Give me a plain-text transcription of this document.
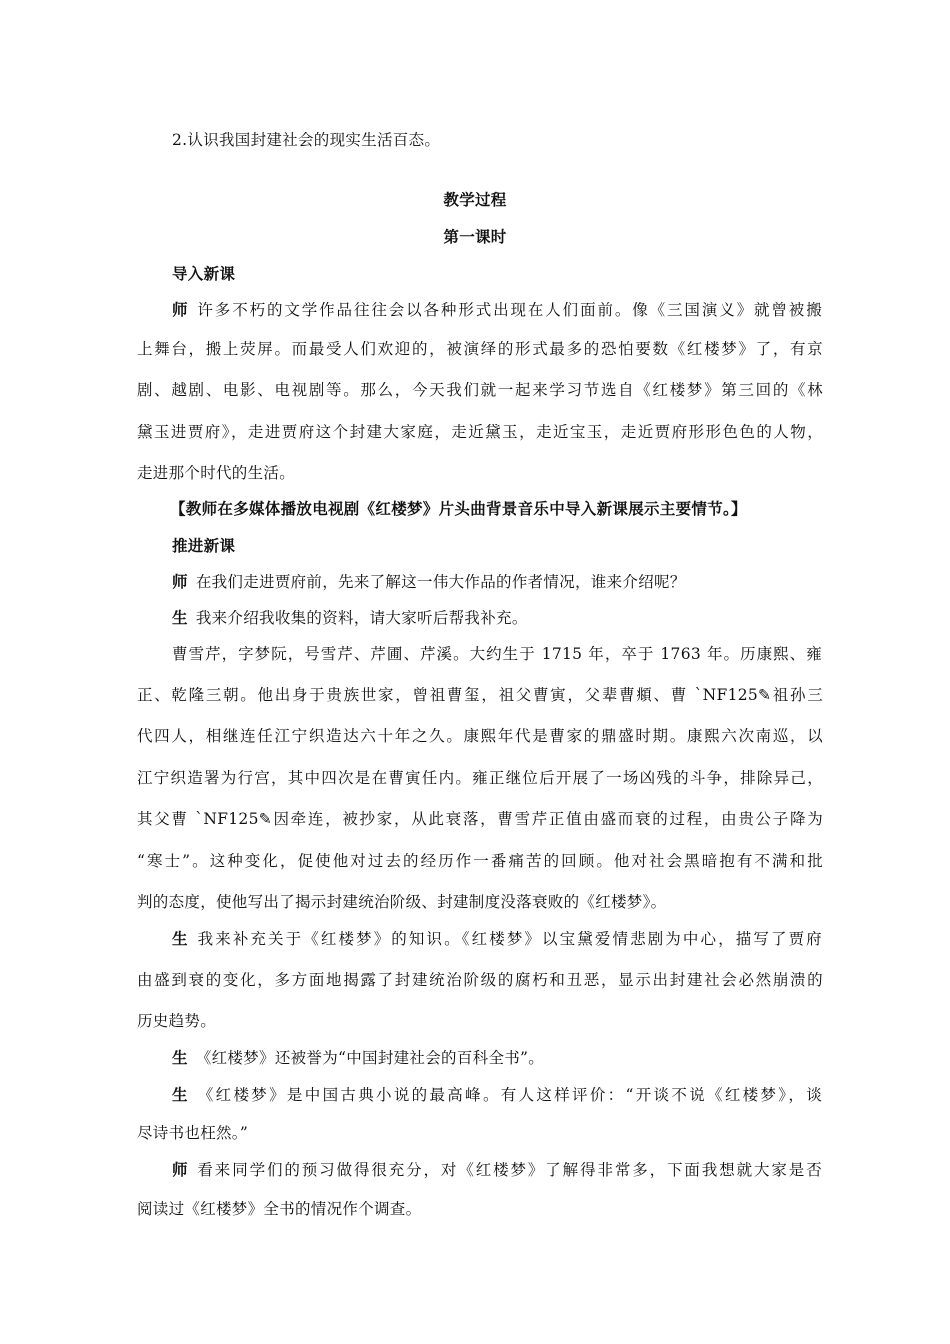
2.认识我国封建社会的现实生活百态。
教学过程
第一课时
导入新课
师 许多不朽的文学作品往往会以各种形式出现在人们面前。像《三国演义》就曾被搬
上舞台，搬上荧屏。而最受人们欢迎的，被演绎的形式最多的恐怕要数《红楼梦》了，有京
剧、越剧、电影、电视剧等。那么，今天我们就一起来学习节选自《红楼梦》第三回的《林
黛玉进贾府》，走进贾府这个封建大家庭，走近黛玉，走近宝玉，走近贾府形形色色的人物，
走进那个时代的生活。
【教师在多媒体播放电视剧《红楼梦》片头曲背景音乐中导入新课展示主要情节。】
推进新课
师 在我们走进贾府前，先来了解这一伟大作品的作者情况，谁来介绍呢？
生 我来介绍我收集的资料，请大家听后帮我补充。
曹雪芹，字梦阮，号雪芹、芹圃、芹溪。大约生于 1715 年，卒于 1763 年。历康熙、雍
正、乾隆三朝。他出身于贵族世家，曾祖曹玺，祖父曹寅，父辈曹頫、曹 `NF125✎祖孙三
代四人，相继连任江宁织造达六十年之久。康熙年代是曹家的鼎盛时期。康熙六次南巡，以
江宁织造署为行宫，其中四次是在曹寅任内。雍正继位后开展了一场凶残的斗争，排除异己，
其父曹 `NF125✎因牵连，被抄家，从此衰落，曹雪芹正值由盛而衰的过程，由贵公子降为
“寒士”。这种变化，促使他对过去的经历作一番痛苦的回顾。他对社会黑暗抱有不满和批
判的态度，使他写出了揭示封建统治阶级、封建制度没落衰败的《红楼梦》。
生 我来补充关于《红楼梦》的知识。《红楼梦》以宝黛爱情悲剧为中心，描写了贾府
由盛到衰的变化，多方面地揭露了封建统治阶级的腐朽和丑恶，显示出封建社会必然崩溃的
历史趋势。
生 《红楼梦》还被誉为“中国封建社会的百科全书”。
生 《红楼梦》是中国古典小说的最高峰。有人这样评价：“开谈不说《红楼梦》，谈
尽诗书也枉然。”
师 看来同学们的预习做得很充分，对《红楼梦》了解得非常多，下面我想就大家是否
阅读过《红楼梦》全书的情况作个调查。
